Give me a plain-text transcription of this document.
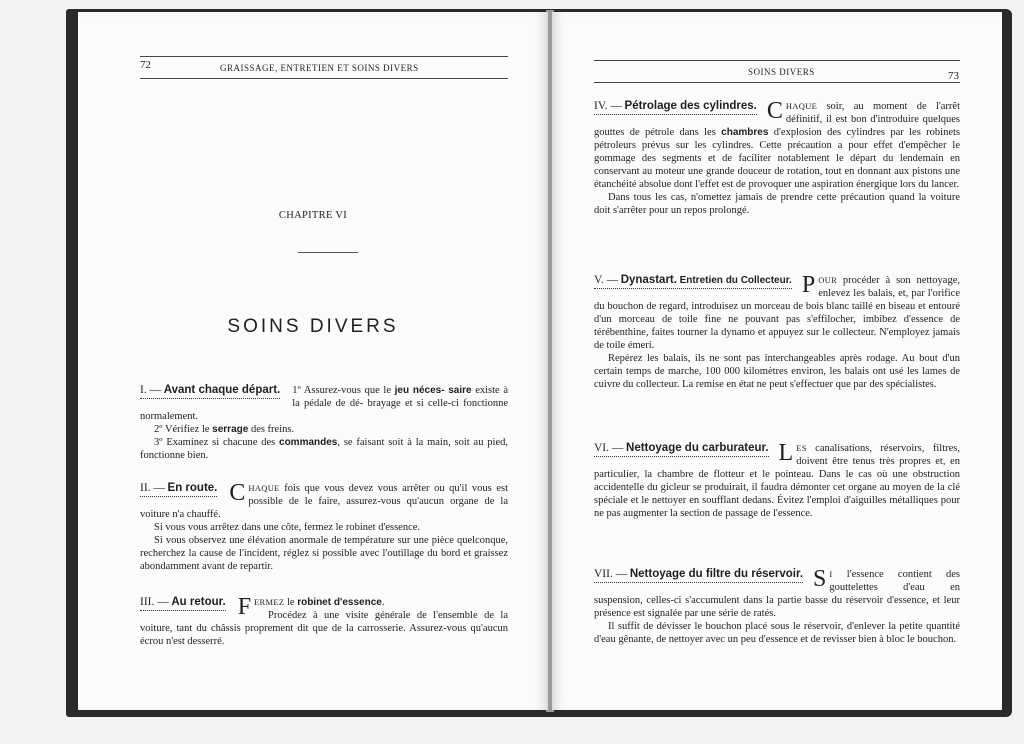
72	GRAISSAGE, ENTRETIEN ET SOINS DIVERS
CHAPITRE VI
SOINS DIVERS

I. — Avant chaque départ. 1º Assurez-vous que le jeu néces- saire existe à la pédale de dé- brayage et si celle-ci fonctionne normalement.

2º Vérifiez le serrage des freins.

3º Examinez si chacune des commandes, se faisant soit à la main, soit au pied, fonctionne bien.

II. — En route. C HAQUE fois que vous devez vous arrêter ou qu'il vous est possible de le faire, assurez-vous qu'aucun organe de la voiture n'a chauffé.

Si vous vous arrêtez dans une côte, fermez le robinet d'essence.

Si vous observez une élévation anormale de température sur une pièce quelconque, recherchez la cause de l'incident, réglez si possible avec l'outillage du bord et graissez abondamment avant de repartir.

III. — Au retour. F ERMEZ le robinet d'essence.

Procédez à une visite générale de l'ensemble de la voiture, tant du châssis proprement dit que de la carrosserie. Assurez-vous qu'aucun écrou n'est desserré.

SOINS DIVERS	73

IV. — Pétrolage des cylindres. C HAQUE soir, au moment de l'arrêt définitif, il est bon d'introduire quelques gouttes de pétrole dans les chambres d'explosion des cylindres par les robinets pétroleurs prévus sur les cylindres. Cette précaution a pour effet d'empêcher le gommage des segments et de faciliter notablement le départ du lendemain en conservant au moteur une grande douceur de rotation, tout en donnant aux pistons une étanchéité absolue dont l'effet est de provoquer une aspiration énergique lors du lancer.

Dans tous les cas, n'omettez jamais de prendre cette précaution quand la voiture doit s'arrêter pour un repos prolongé.

V. — Dynastart. Entretien du Collecteur. P OUR procéder à son nettoyage, enlevez les balais, et, par l'orifice du bouchon de regard, introduisez un morceau de bois blanc taillé en biseau et entouré d'un morceau de toile fine ne pouvant pas s'effilocher, imbibez d'essence de térébenthine, faites tourner la dynamo et appuyez sur le collecteur. N'employez jamais de toile émeri.

Repérez les balais, ils ne sont pas interchangeables après rodage. Au bout d'un certain temps de marche, 100 000 kilomètres environ, les balais ont usé les lames de cuivre du collecteur. La remise en état ne peut s'effectuer que par des spécialistes.

VI. — Nettoyage du carburateur. L ES canalisations, réservoirs, filtres, doivent être tenus très propres et, en particulier, la chambre de flotteur et le pointeau. Dans le cas où une obstruction accidentelle du gicleur se produirait, il faudra démonter cet organe au moyen de la clé spéciale et le nettoyer en soufflant dedans. Évitez l'emploi d'aiguilles métalliques pour ne pas augmenter la section de passage de l'essence.

VII. — Nettoyage du filtre du réservoir. S I l'essence contient des gouttelettes d'eau en suspension, celles-ci s'accumulent dans la partie basse du réservoir d'essence, et leur présence est signalée par une série de ratés.

Il suffit de dévisser le bouchon placé sous le réservoir, d'enlever la petite quantité d'eau gênante, de nettoyer avec un peu d'essence et de revisser bien à bloc le bouchon.
